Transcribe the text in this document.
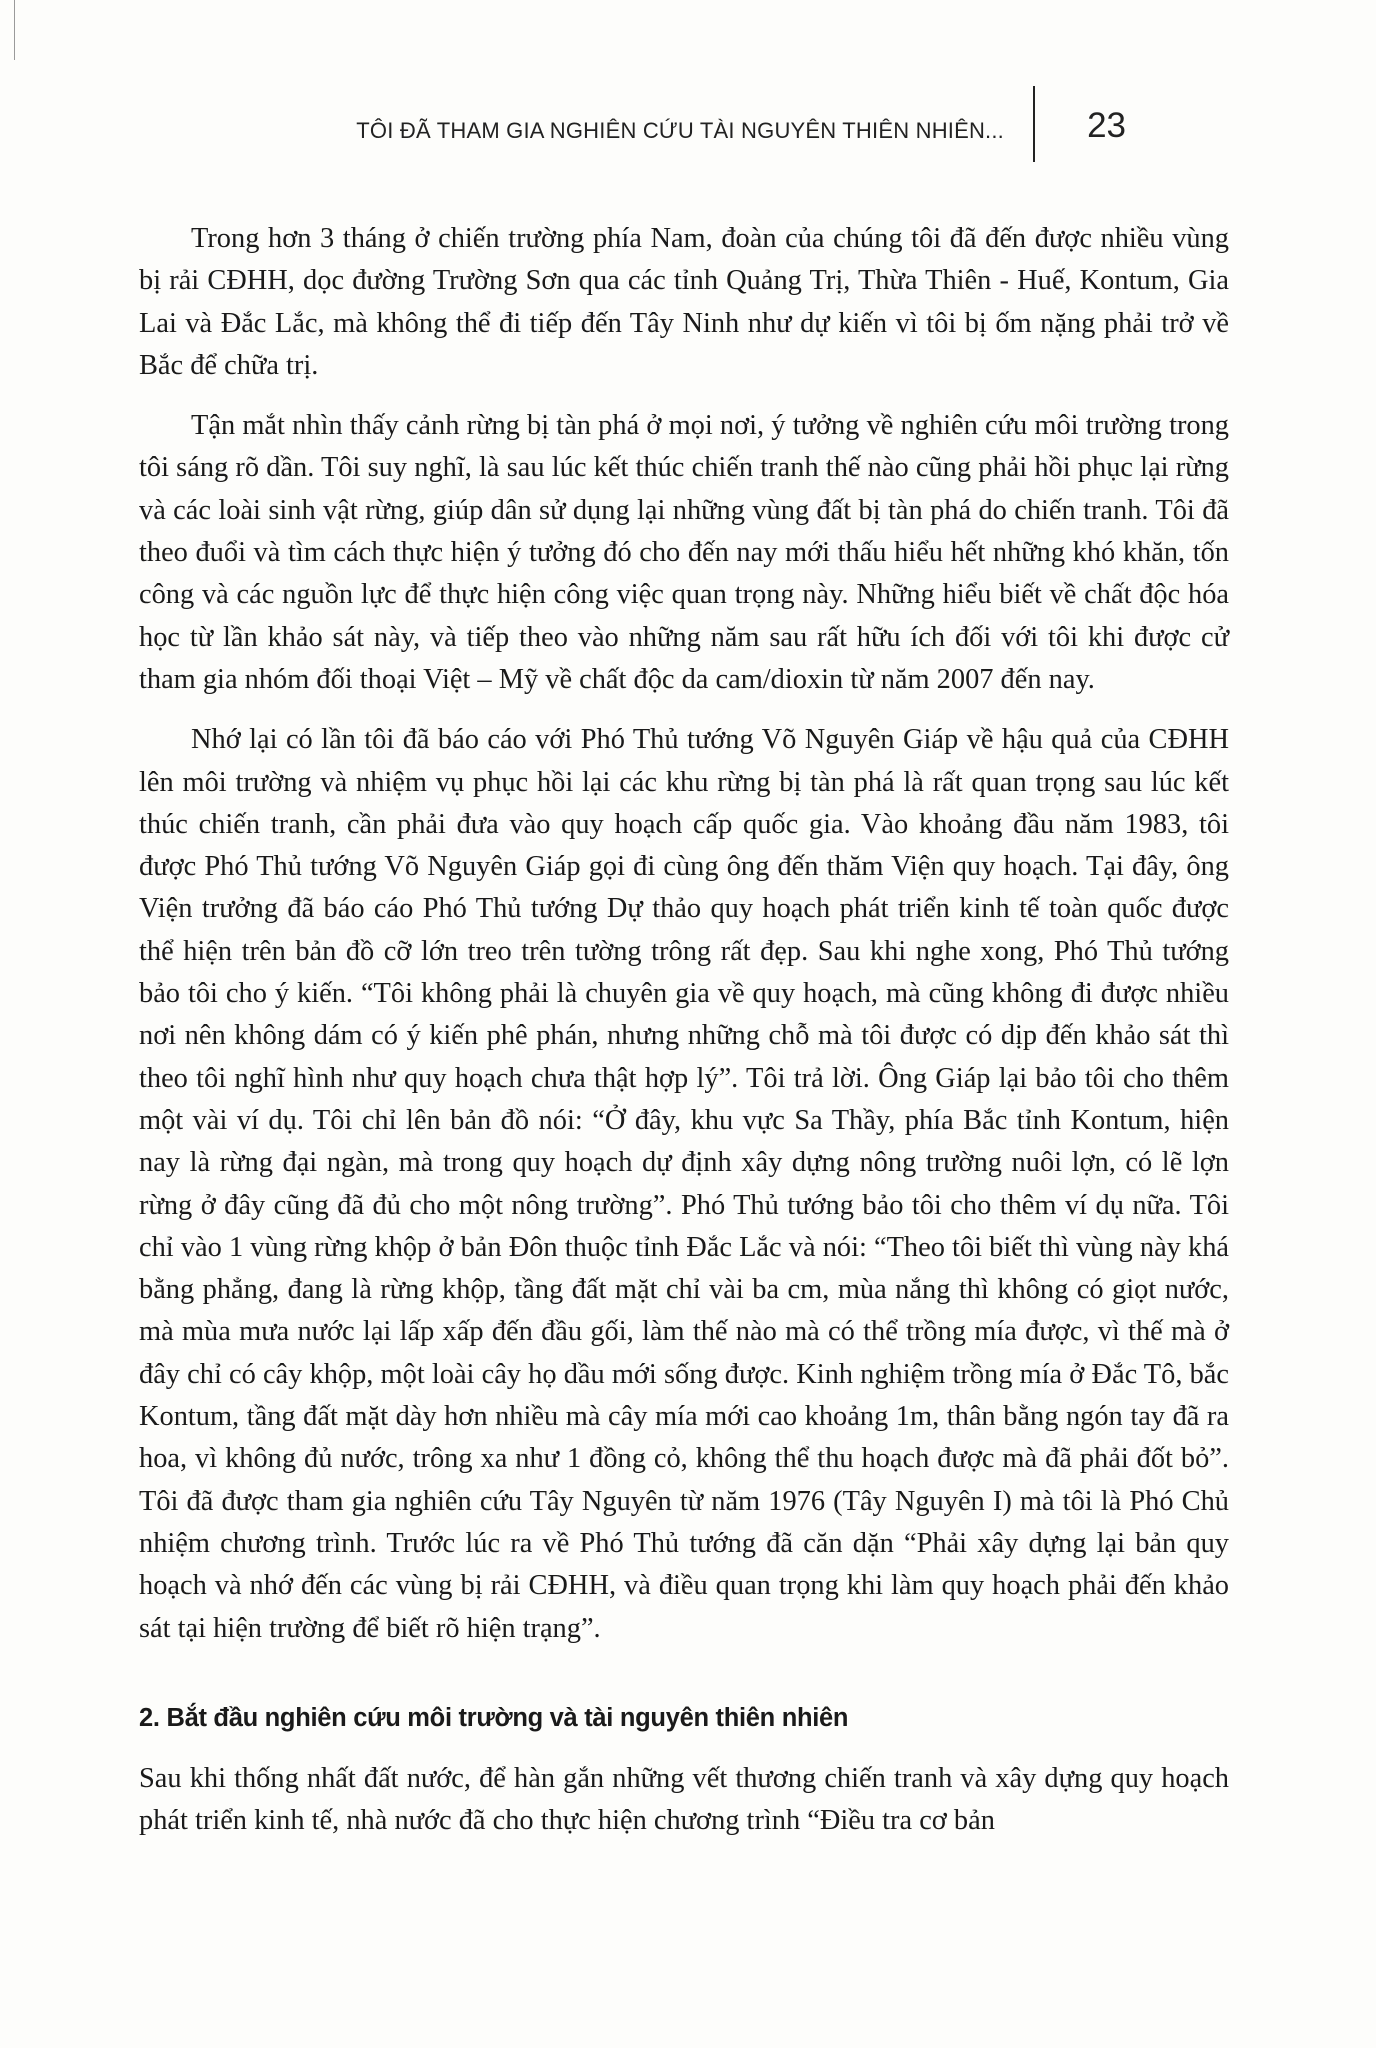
TÔI ĐÃ THAM GIA NGHIÊN CỨU TÀI NGUYÊN THIÊN NHIÊN... 23

Trong hơn 3 tháng ở chiến trường phía Nam, đoàn của chúng tôi đã đến được nhiều vùng bị rải CĐHH, dọc đường Trường Sơn qua các tỉnh Quảng Trị, Thừa Thiên - Huế, Kontum, Gia Lai và Đắc Lắc, mà không thể đi tiếp đến Tây Ninh như dự kiến vì tôi bị ốm nặng phải trở về Bắc để chữa trị.

Tận mắt nhìn thấy cảnh rừng bị tàn phá ở mọi nơi, ý tưởng về nghiên cứu môi trường trong tôi sáng rõ dần. Tôi suy nghĩ, là sau lúc kết thúc chiến tranh thế nào cũng phải hồi phục lại rừng và các loài sinh vật rừng, giúp dân sử dụng lại những vùng đất bị tàn phá do chiến tranh. Tôi đã theo đuổi và tìm cách thực hiện ý tưởng đó cho đến nay mới thấu hiểu hết những khó khăn, tốn công và các nguồn lực để thực hiện công việc quan trọng này. Những hiểu biết về chất độc hóa học từ lần khảo sát này, và tiếp theo vào những năm sau rất hữu ích đối với tôi khi được cử tham gia nhóm đối thoại Việt – Mỹ về chất độc da cam/dioxin từ năm 2007 đến nay.

Nhớ lại có lần tôi đã báo cáo với Phó Thủ tướng Võ Nguyên Giáp về hậu quả của CĐHH lên môi trường và nhiệm vụ phục hồi lại các khu rừng bị tàn phá là rất quan trọng sau lúc kết thúc chiến tranh, cần phải đưa vào quy hoạch cấp quốc gia. Vào khoảng đầu năm 1983, tôi được Phó Thủ tướng Võ Nguyên Giáp gọi đi cùng ông đến thăm Viện quy hoạch. Tại đây, ông Viện trưởng đã báo cáo Phó Thủ tướng Dự thảo quy hoạch phát triển kinh tế toàn quốc được thể hiện trên bản đồ cỡ lớn treo trên tường trông rất đẹp. Sau khi nghe xong, Phó Thủ tướng bảo tôi cho ý kiến. “Tôi không phải là chuyên gia về quy hoạch, mà cũng không đi được nhiều nơi nên không dám có ý kiến phê phán, nhưng những chỗ mà tôi được có dịp đến khảo sát thì theo tôi nghĩ hình như quy hoạch chưa thật hợp lý”. Tôi trả lời. Ông Giáp lại bảo tôi cho thêm một vài ví dụ. Tôi chỉ lên bản đồ nói: “Ở đây, khu vực Sa Thầy, phía Bắc tỉnh Kontum, hiện nay là rừng đại ngàn, mà trong quy hoạch dự định xây dựng nông trường nuôi lợn, có lẽ lợn rừng ở đây cũng đã đủ cho một nông trường”. Phó Thủ tướng bảo tôi cho thêm ví dụ nữa. Tôi chỉ vào 1 vùng rừng khộp ở bản Đôn thuộc tỉnh Đắc Lắc và nói: “Theo tôi biết thì vùng này khá bằng phẳng, đang là rừng khộp, tầng đất mặt chỉ vài ba cm, mùa nắng thì không có giọt nước, mà mùa mưa nước lại lấp xấp đến đầu gối, làm thế nào mà có thể trồng mía được, vì thế mà ở đây chỉ có cây khộp, một loài cây họ dầu mới sống được. Kinh nghiệm trồng mía ở Đắc Tô, bắc Kontum, tầng đất mặt dày hơn nhiều mà cây mía mới cao khoảng 1m, thân bằng ngón tay đã ra hoa, vì không đủ nước, trông xa như 1 đồng cỏ, không thể thu hoạch được mà đã phải đốt bỏ”. Tôi đã được tham gia nghiên cứu Tây Nguyên từ năm 1976 (Tây Nguyên I) mà tôi là Phó Chủ nhiệm chương trình. Trước lúc ra về Phó Thủ tướng đã căn dặn “Phải xây dựng lại bản quy hoạch và nhớ đến các vùng bị rải CĐHH, và điều quan trọng khi làm quy hoạch phải đến khảo sát tại hiện trường để biết rõ hiện trạng”.

2. Bắt đầu nghiên cứu môi trường và tài nguyên thiên nhiên

Sau khi thống nhất đất nước, để hàn gắn những vết thương chiến tranh và xây dựng quy hoạch phát triển kinh tế, nhà nước đã cho thực hiện chương trình “Điều tra cơ bản
